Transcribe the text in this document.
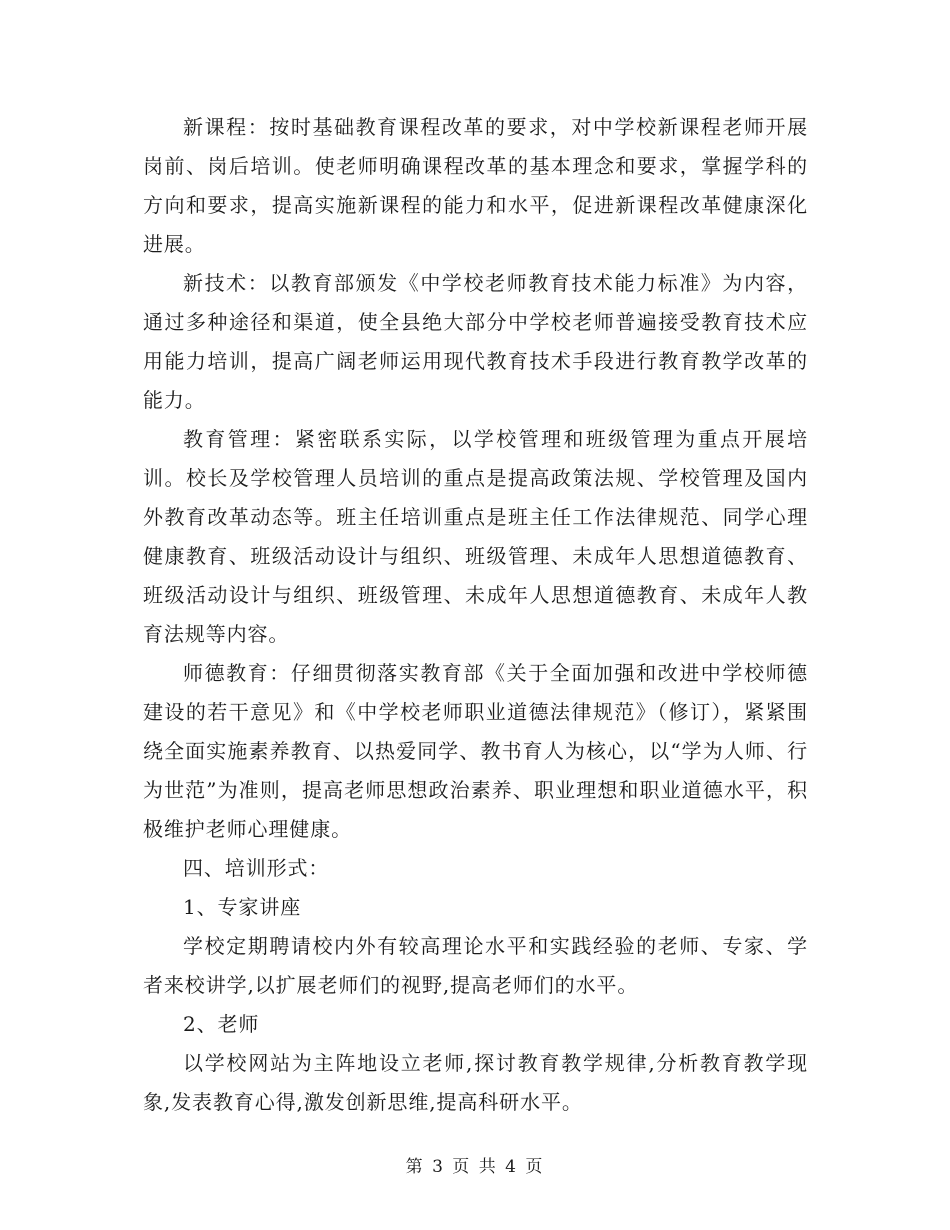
新课程：按时基础教育课程改革的要求，对中学校新课程老师开展岗前、岗后培训。使老师明确课程改革的基本理念和要求，掌握学科的方向和要求，提高实施新课程的能力和水平，促进新课程改革健康深化进展。

新技术：以教育部颁发《中学校老师教育技术能力标准》为内容，通过多种途径和渠道，使全县绝大部分中学校老师普遍接受教育技术应用能力培训，提高广阔老师运用现代教育技术手段进行教育教学改革的能力。

教育管理：紧密联系实际，以学校管理和班级管理为重点开展培训。校长及学校管理人员培训的重点是提高政策法规、学校管理及国内外教育改革动态等。班主任培训重点是班主任工作法律规范、同学心理健康教育、班级活动设计与组织、班级管理、未成年人思想道德教育、班级活动设计与组织、班级管理、未成年人思想道德教育、未成年人教育法规等内容。

师德教育：仔细贯彻落实教育部《关于全面加强和改进中学校师德建设的若干意见》和《中学校老师职业道德法律规范》（修订），紧紧围绕全面实施素养教育、以热爱同学、教书育人为核心，以“学为人师、行为世范”为准则，提高老师思想政治素养、职业理想和职业道德水平，积极维护老师心理健康。

四、培训形式：

1、专家讲座

学校定期聘请校内外有较高理论水平和实践经验的老师、专家、学者来校讲学,以扩展老师们的视野,提高老师们的水平。

2、老师

以学校网站为主阵地设立老师,探讨教育教学规律,分析教育教学现象,发表教育心得,激发创新思维,提高科研水平。

第 3 页 共 4 页
